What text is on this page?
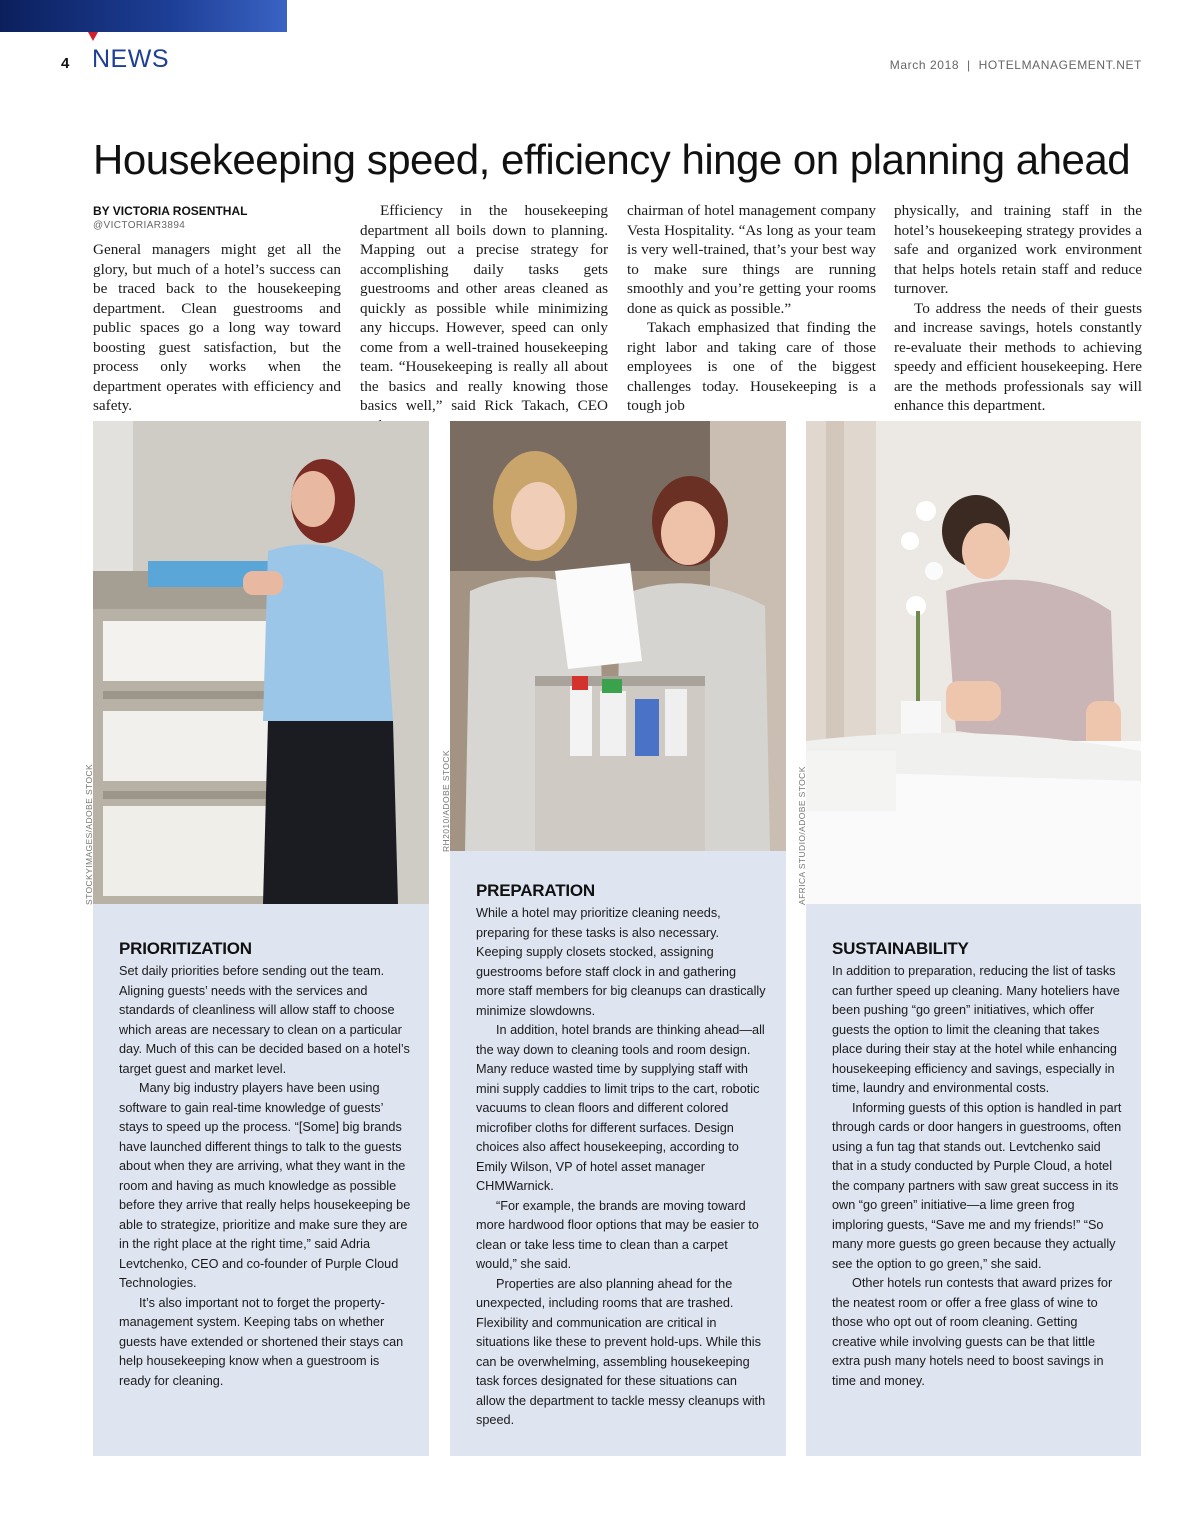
4 NEWS	March 2018  |  HOTELMANAGEMENT.NET
Housekeeping speed, efficiency hinge on planning ahead
BY VICTORIA ROSENTHAL
@VICTORIAR3894

General managers might get all the glory, but much of a hotel’s success can be traced back to the housekeeping department. Clean guestrooms and public spaces go a long way toward boosting guest satisfaction, but the process only works when the department operates with efficiency and safety.

Efficiency in the housekeeping department all boils down to planning. Mapping out a precise strategy for accomplishing daily tasks gets guestrooms and other areas cleaned as quickly as possible while minimizing any hiccups. However, speed can only come from a well-trained housekeeping team. “Housekeeping is really all about the basics and really knowing those basics well,” said Rick Takach, CEO

chairman of hotel management company Vesta Hospitality. “As long as your team is very well-trained, that’s your best way to make sure things are running smoothly and you’re getting your rooms done as quick as possible.”

Takach emphasized that finding the right labor and taking care of those employees is one of the biggest challenges today. Housekeeping is a tough job

physically, and training staff in the hotel’s housekeeping strategy provides a safe and organized work environment that helps hotels retain staff and reduce turnover.

To address the needs of their guests and increase savings, hotels constantly re-evaluate their methods to achieving speedy and efficient housekeeping. Here are the methods professionals say will enhance this department.

STOCKYIMAGES/ADOBE STOCK	RH2010/ADOBE STOCK	AFRICA STUDIO/ADOBE STOCK
PRIORITIZATION

Set daily priorities before sending out the team. Aligning guests’ needs with the services and standards of cleanliness will allow staff to choose which areas are necessary to clean on a particular day. Much of this can be decided based on a hotel’s target guest and market level.

Many big industry players have been using software to gain real-time knowledge of guests’ stays to speed up the process. “[Some] big brands have launched different things to talk to the guests about when they are arriving, what they want in the room and having as much knowledge as possible before they arrive that really helps housekeeping be able to strategize, prioritize and make sure they are in the right place at the right time,” said Adria Levtchenko, CEO and co-founder of Purple Cloud Technologies.

It’s also important not to forget the property-management system. Keeping tabs on whether guests have extended or shortened their stays can help housekeeping know when a guestroom is ready for cleaning.

PREPARATION

While a hotel may prioritize cleaning needs, preparing for these tasks is also necessary. Keeping supply closets stocked, assigning guestrooms before staff clock in and gathering more staff members for big cleanups can drastically minimize slowdowns.

In addition, hotel brands are thinking ahead—all the way down to cleaning tools and room design. Many reduce wasted time by supplying staff with mini supply caddies to limit trips to the cart, robotic vacuums to clean floors and different colored microfiber cloths for different surfaces. Design choices also affect housekeeping, according to Emily Wilson, VP of hotel asset manager CHMWarnick.

“For example, the brands are moving toward more hardwood floor options that may be easier to clean or take less time to clean than a carpet would,” she said.

Properties are also planning ahead for the unexpected, including rooms that are trashed. Flexibility and communication are critical in situations like these to prevent hold-ups. While this can be overwhelming, assembling housekeeping task forces designated for these situations can allow the department to tackle messy cleanups with speed.

SUSTAINABILITY

In addition to preparation, reducing the list of tasks can further speed up cleaning. Many hoteliers have been pushing “go green” initiatives, which offer guests the option to limit the cleaning that takes place during their stay at the hotel while enhancing housekeeping efficiency and savings, especially in time, laundry and environmental costs.

Informing guests of this option is handled in part through cards or door hangers in guestrooms, often using a fun tag that stands out. Levtchenko said that in a study conducted by Purple Cloud, a hotel the company partners with saw great success in its own “go green” initiative—a lime green frog imploring guests, “Save me and my friends!” “So many more guests go green because they actually see the option to go green,” she said.

Other hotels run contests that award prizes for the neatest room or offer a free glass of wine to those who opt out of room cleaning. Getting creative while involving guests can be that little extra push many hotels need to boost savings in time and money.
